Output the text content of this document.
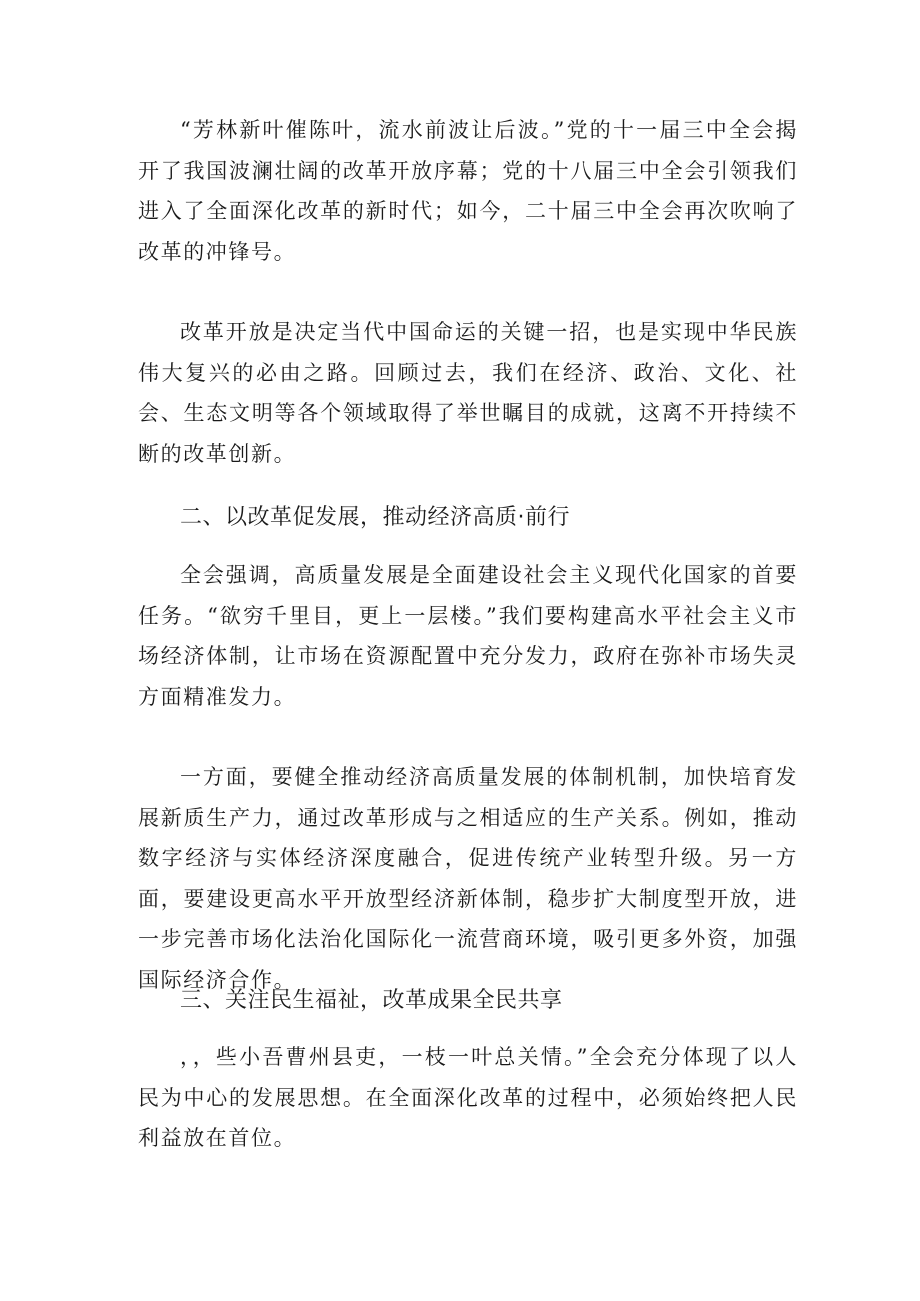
“芳林新叶催陈叶，流水前波让后波。”党的十一届三中全会揭开了我国波澜壮阔的改革开放序幕；党的十八届三中全会引领我们进入了全面深化改革的新时代；如今，二十届三中全会再次吹响了改革的冲锋号。

改革开放是决定当代中国命运的关键一招，也是实现中华民族伟大复兴的必由之路。回顾过去，我们在经济、政治、文化、社会、生态文明等各个领域取得了举世瞩目的成就，这离不开持续不断的改革创新。

二、以改革促发展，推动经济高质·前行

全会强调，高质量发展是全面建设社会主义现代化国家的首要任务。“欲穷千里目，更上一层楼。”我们要构建高水平社会主义市场经济体制，让市场在资源配置中充分发力，政府在弥补市场失灵方面精准发力。

一方面，要健全推动经济高质量发展的体制机制，加快培育发展新质生产力，通过改革形成与之相适应的生产关系。例如，推动数字经济与实体经济深度融合，促进传统产业转型升级。另一方面，要建设更高水平开放型经济新体制，稳步扩大制度型开放，进一步完善市场化法治化国际化一流营商环境，吸引更多外资，加强国际经济合作。

三、关注民生福祉，改革成果全民共享

，，些小吾曹州县吏，一枝一叶总关情。”全会充分体现了以人民为中心的发展思想。在全面深化改革的过程中，必须始终把人民利益放在首位。
